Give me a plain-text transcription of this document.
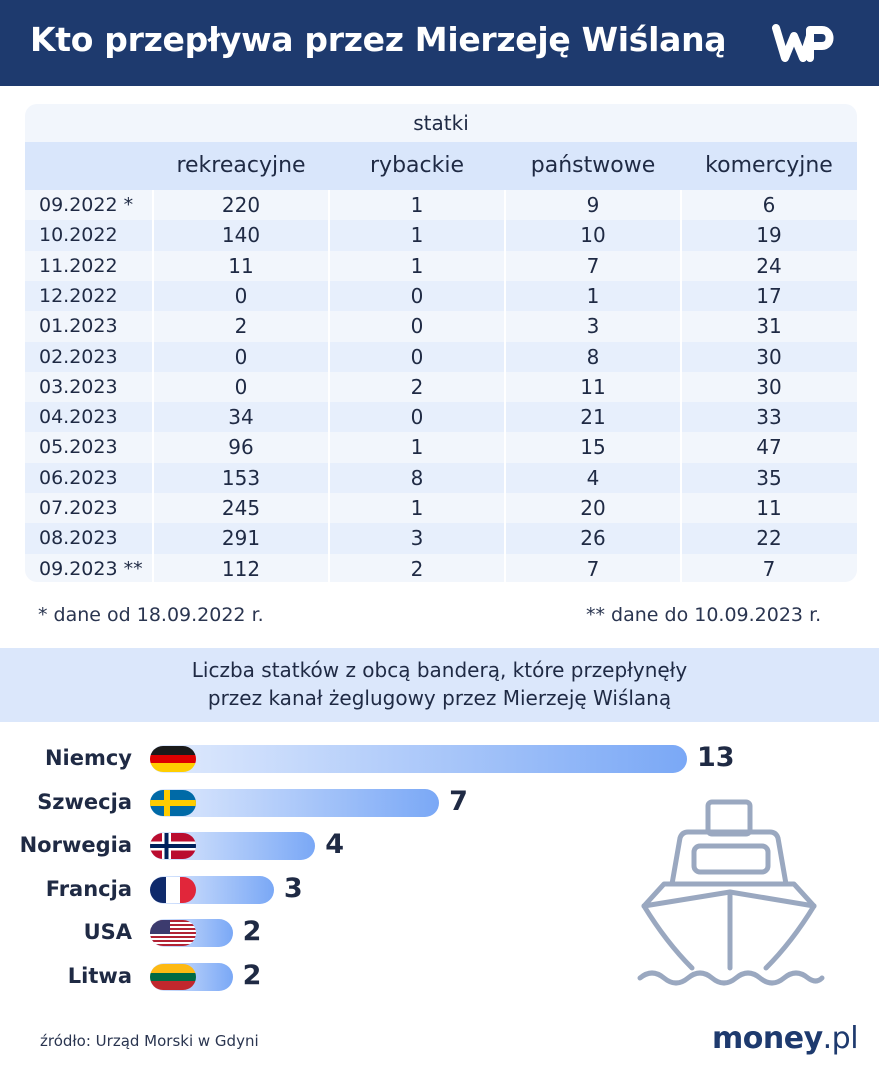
Kto przepływa przez Mierzeję Wiślaną
statki
rekreacyjne	rybackie	państwowe	komercyjne
09.2022 *	220	1	9	6
10.2022	140	1	10	19
11.2022	11	1	7	24
12.2022	0	0	1	17
01.2023	2	0	3	31
02.2023	0	0	8	30
03.2023	0	2	11	30
04.2023	34	0	21	33
05.2023	96	1	15	47
06.2023	153	8	4	35
07.2023	245	1	20	11
08.2023	291	3	26	22
09.2023 **	112	2	7	7
* dane od 18.09.2022 r.	** dane do 10.09.2023 r.
Liczba statków z obcą banderą, które przepłynęły
przez kanał żeglugowy przez Mierzeję Wiślaną
Niemcy	13
Szwecja	7
Norwegia	4
Francja	3
USA	2
Litwa	2
źródło: Urząd Morski w Gdyni	money.pl
